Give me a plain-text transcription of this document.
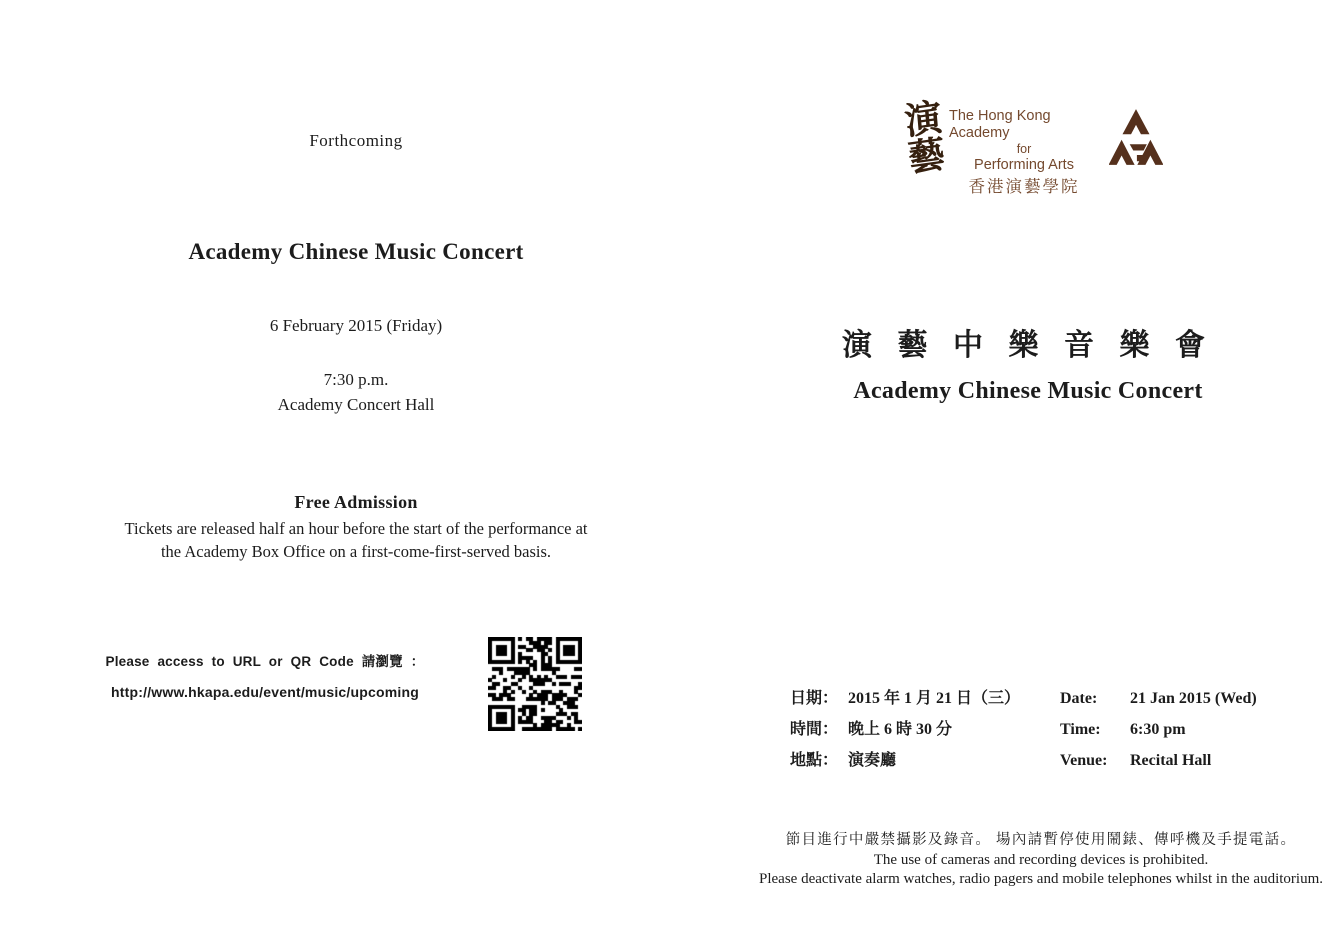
Forthcoming
Academy Chinese Music Concert
6 February 2015 (Friday)
7:30 p.m.
Academy Concert Hall
Free Admission
Tickets are released half an hour before the start of the performance at
the Academy Box Office on a first-come-first-served basis.
Please access to URL or QR Code 請瀏覽 ：
http://www.hkapa.edu/event/music/upcoming
演藝 The Hong Kong Academy
for
Performing Arts
香港演藝學院
演 藝 中 樂 音 樂 會
Academy Chinese Music Concert
日期： 2015 年 1 月 21 日（三）	Date:	21 Jan 2015 (Wed)
時間： 晚上 6 時 30 分	Time:	6:30 pm
地點： 演奏廳	Venue:	Recital Hall
節目進行中嚴禁攝影及錄音。 場內請暫停使用鬧錶、傳呼機及手提電話。
The use of cameras and recording devices is prohibited.
Please deactivate alarm watches, radio pagers and mobile telephones whilst in the auditorium.
